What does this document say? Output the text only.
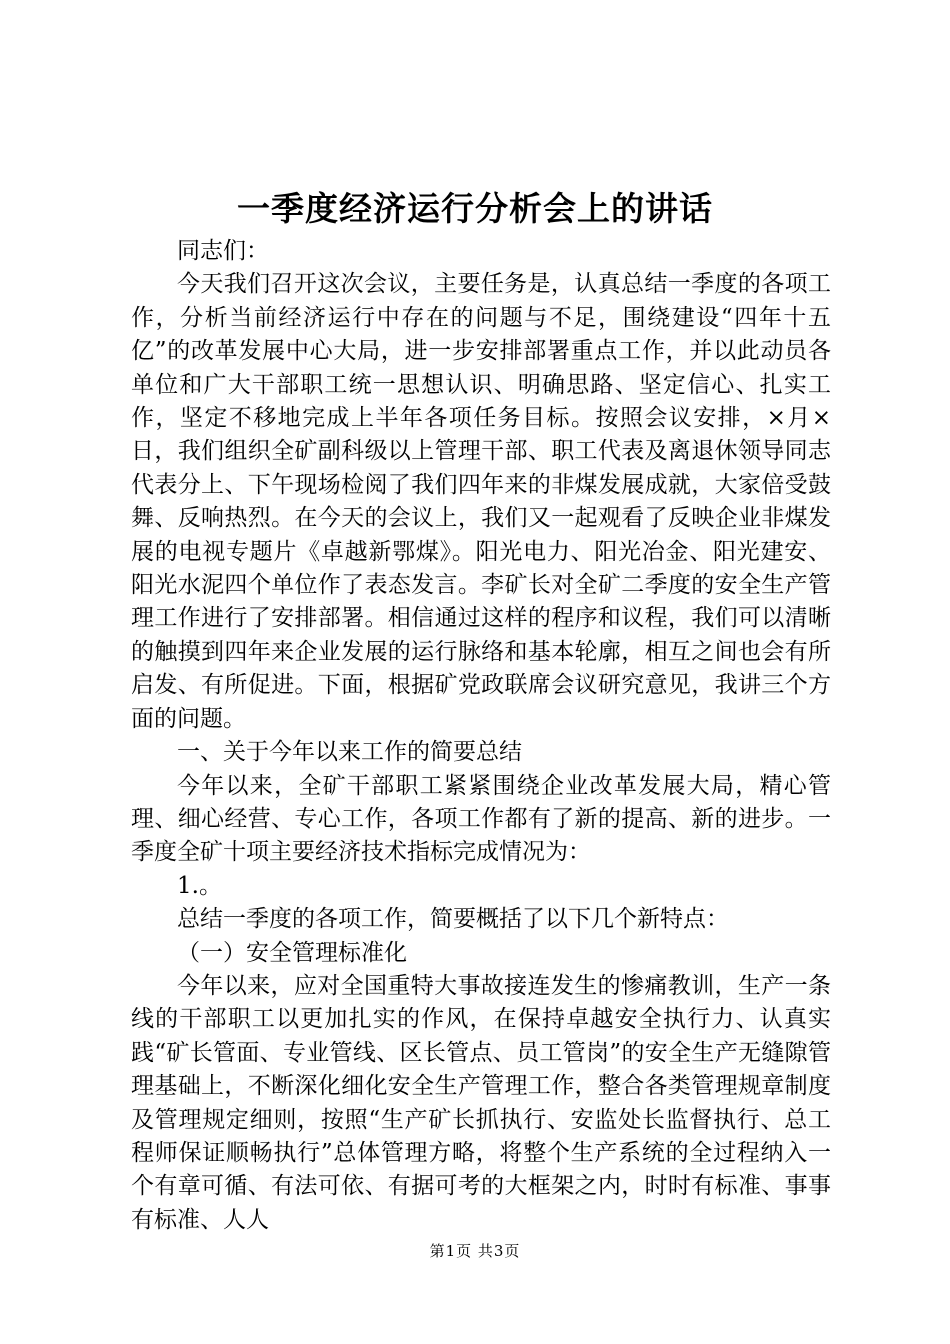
一季度经济运行分析会上的讲话

同志们：

今天我们召开这次会议，主要任务是，认真总结一季度的各项工作，分析当前经济运行中存在的问题与不足，围绕建设“四年十五亿”的改革发展中心大局，进一步安排部署重点工作，并以此动员各单位和广大干部职工统一思想认识、明确思路、坚定信心、扎实工作，坚定不移地完成上半年各项任务目标。按照会议安排，×月×日，我们组织全矿副科级以上管理干部、职工代表及离退休领导同志代表分上、下午现场检阅了我们四年来的非煤发展成就，大家倍受鼓舞、反响热烈。在今天的会议上，我们又一起观看了反映企业非煤发展的电视专题片《卓越新鄂煤》。阳光电力、阳光冶金、阳光建安、阳光水泥四个单位作了表态发言。李矿长对全矿二季度的安全生产管理工作进行了安排部署。相信通过这样的程序和议程，我们可以清晰的触摸到四年来企业发展的运行脉络和基本轮廓，相互之间也会有所启发、有所促进。下面，根据矿党政联席会议研究意见，我讲三个方面的问题。

一、关于今年以来工作的简要总结

今年以来，全矿干部职工紧紧围绕企业改革发展大局，精心管理、细心经营、专心工作，各项工作都有了新的提高、新的进步。一季度全矿十项主要经济技术指标完成情况为：

1.。

总结一季度的各项工作，简要概括了以下几个新特点：

（一）安全管理标准化

今年以来，应对全国重特大事故接连发生的惨痛教训，生产一条线的干部职工以更加扎实的作风，在保持卓越安全执行力、认真实践“矿长管面、专业管线、区长管点、员工管岗”的安全生产无缝隙管理基础上，不断深化细化安全生产管理工作，整合各类管理规章制度及管理规定细则，按照“生产矿长抓执行、安监处长监督执行、总工程师保证顺畅执行”总体管理方略，将整个生产系统的全过程纳入一个有章可循、有法可依、有据可考的大框架之内，时时有标准、事事有标准、人人

第1页 共3页
